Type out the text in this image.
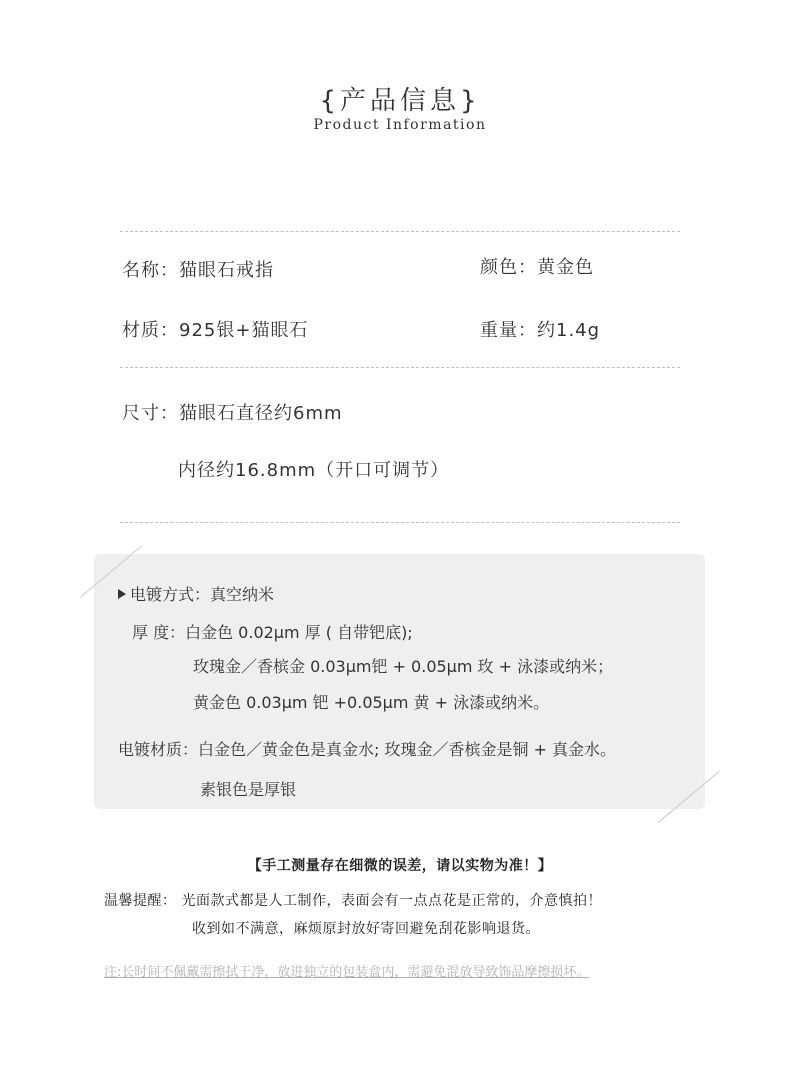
{产品信息}
Product Information
名称：猫眼石戒指	颜色：黄金色
材质：925银+猫眼石	重量：约1.4g
尺寸：猫眼石直径约6mm
内径约16.8mm（开口可调节）
电镀方式：真空纳米
厚 度：白金色 0.02μm 厚 ( 自带钯底);
玫瑰金／香槟金 0.03μm钯 + 0.05μm 玫 + 泳漆或纳米；
黄金色 0.03μm 钯 +0.05μm 黄 + 泳漆或纳米。
电镀材质：白金色／黄金色是真金水; 玫瑰金／香槟金是铜 + 真金水。
素银色是厚银
【手工测量存在细微的误差，请以实物为准！】
温馨提醒： 光面款式都是人工制作，表面会有一点点花是正常的，介意慎拍！
收到如不满意，麻烦原封放好寄回避免刮花影响退货。
注:长时间不佩戴需擦拭干净，放进独立的包装盒内，需避免混放导致饰品摩擦损坏。
